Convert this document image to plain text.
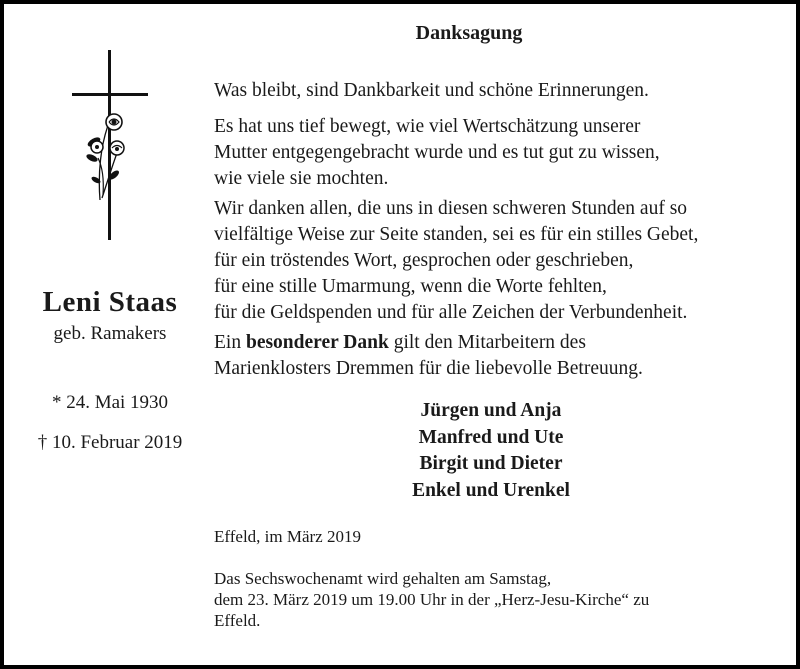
Leni Staas
geb. Ramakers
* 24. Mai 1930
† 10. Februar 2019
Danksagung
Was bleibt, sind Dankbarkeit und schöne Erinnerungen.
Es hat uns tief bewegt, wie viel Wertschätzung unserer
Mutter entgegengebracht wurde und es tut gut zu wissen,
wie viele sie mochten.
Wir danken allen, die uns in diesen schweren Stunden auf so
vielfältige Weise zur Seite standen, sei es für ein stilles Gebet,
für ein tröstendes Wort, gesprochen oder geschrieben,
für eine stille Umarmung, wenn die Worte fehlten,
für die Geldspenden und für alle Zeichen der Verbundenheit.
Ein besonderer Dank gilt den Mitarbeitern des
Marienklosters Dremmen für die liebevolle Betreuung.
Jürgen und Anja
Manfred und Ute
Birgit und Dieter
Enkel und Urenkel
Effeld, im März 2019
Das Sechswochenamt wird gehalten am Samstag,
dem 23. März 2019 um 19.00 Uhr in der „Herz-Jesu-Kirche“ zu
Effeld.
